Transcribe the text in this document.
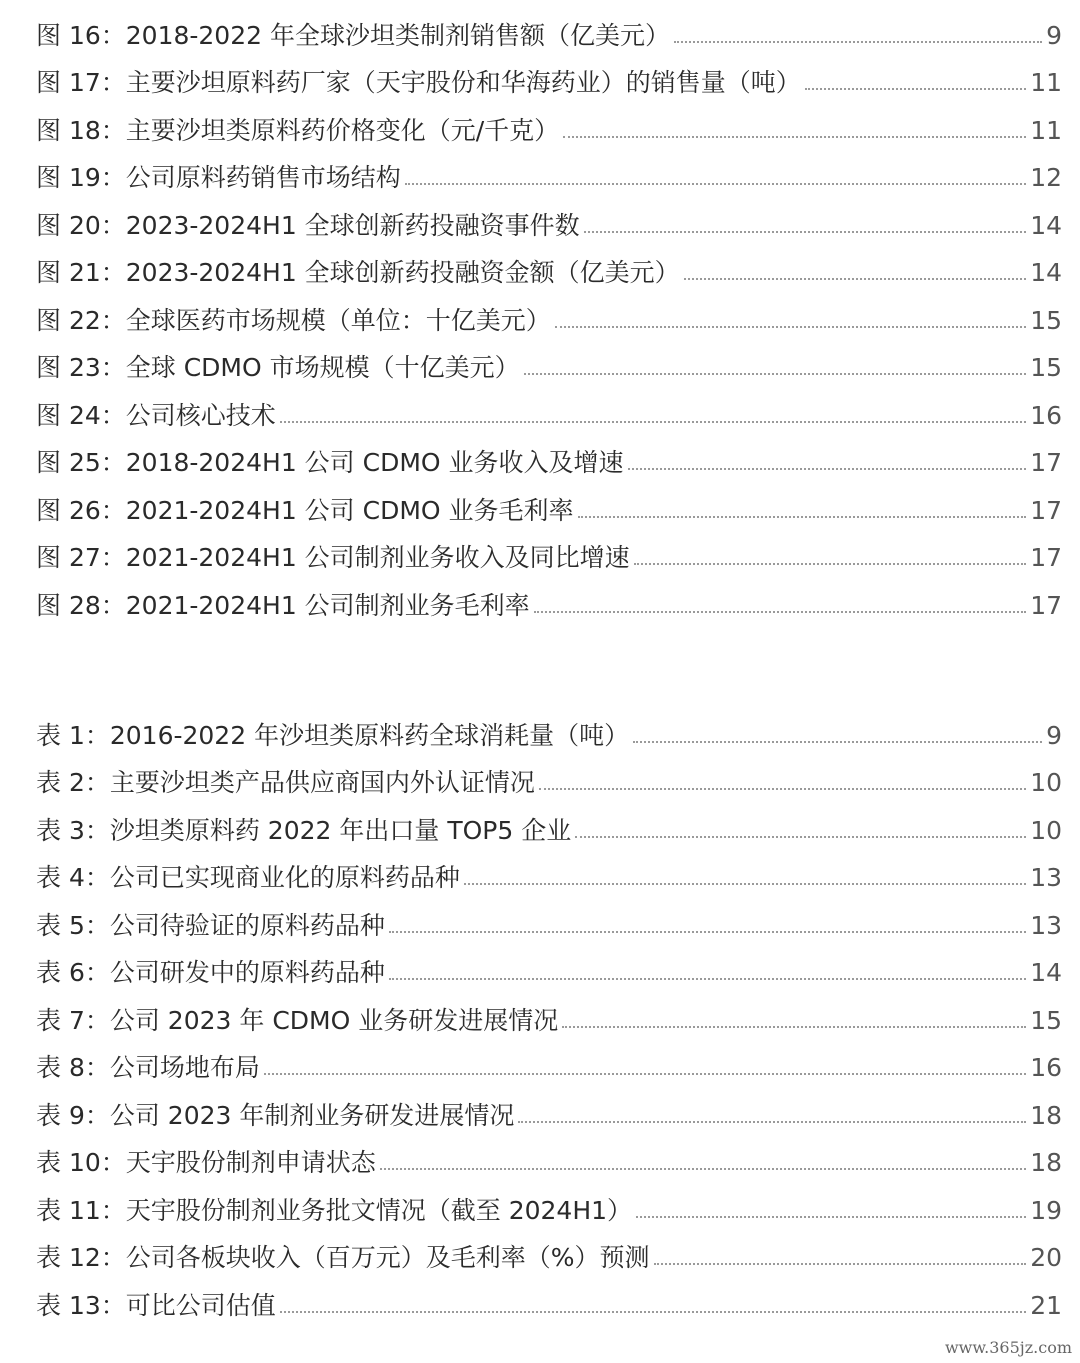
图 16：2018-2022 年全球沙坦类制剂销售额（亿美元）	9
图 17：主要沙坦原料药厂家（天宇股份和华海药业）的销售量（吨）	11
图 18：主要沙坦类原料药价格变化（元/千克）	11
图 19：公司原料药销售市场结构	12
图 20：2023-2024H1 全球创新药投融资事件数	14
图 21：2023-2024H1 全球创新药投融资金额（亿美元）	14
图 22：全球医药市场规模（单位：十亿美元）	15
图 23：全球 CDMO 市场规模（十亿美元）	15
图 24：公司核心技术	16
图 25：2018-2024H1 公司 CDMO 业务收入及增速	17
图 26：2021-2024H1 公司 CDMO 业务毛利率	17
图 27：2021-2024H1 公司制剂业务收入及同比增速	17
图 28：2021-2024H1 公司制剂业务毛利率	17
表 1：2016-2022 年沙坦类原料药全球消耗量（吨）	9
表 2：主要沙坦类产品供应商国内外认证情况	10
表 3：沙坦类原料药 2022 年出口量 TOP5 企业	10
表 4：公司已实现商业化的原料药品种	13
表 5：公司待验证的原料药品种	13
表 6：公司研发中的原料药品种	14
表 7：公司 2023 年 CDMO 业务研发进展情况	15
表 8：公司场地布局	16
表 9：公司 2023 年制剂业务研发进展情况	18
表 10：天宇股份制剂申请状态	18
表 11：天宇股份制剂业务批文情况（截至 2024H1）	19
表 12：公司各板块收入（百万元）及毛利率（%）预测	20
表 13：可比公司估值	21
www.365jz.com
